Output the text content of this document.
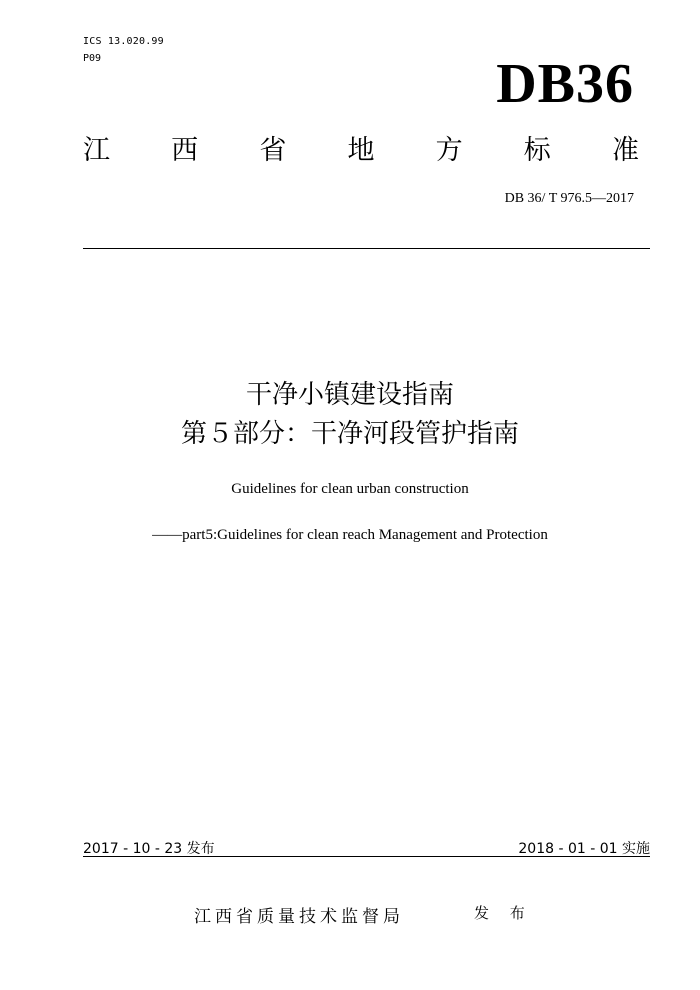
ICS 13.020.99
P09	DB36
江 西 省 地 方 标 准
DB 36/ T 976.5—2017
干净小镇建设指南
第５部分：干净河段管护指南
Guidelines for clean urban construction
——part5:Guidelines for clean reach Management and Protection
2017 - 10 - 23 发布	2018 - 01 - 01 实施
江西省质量技术监督局	发 布
